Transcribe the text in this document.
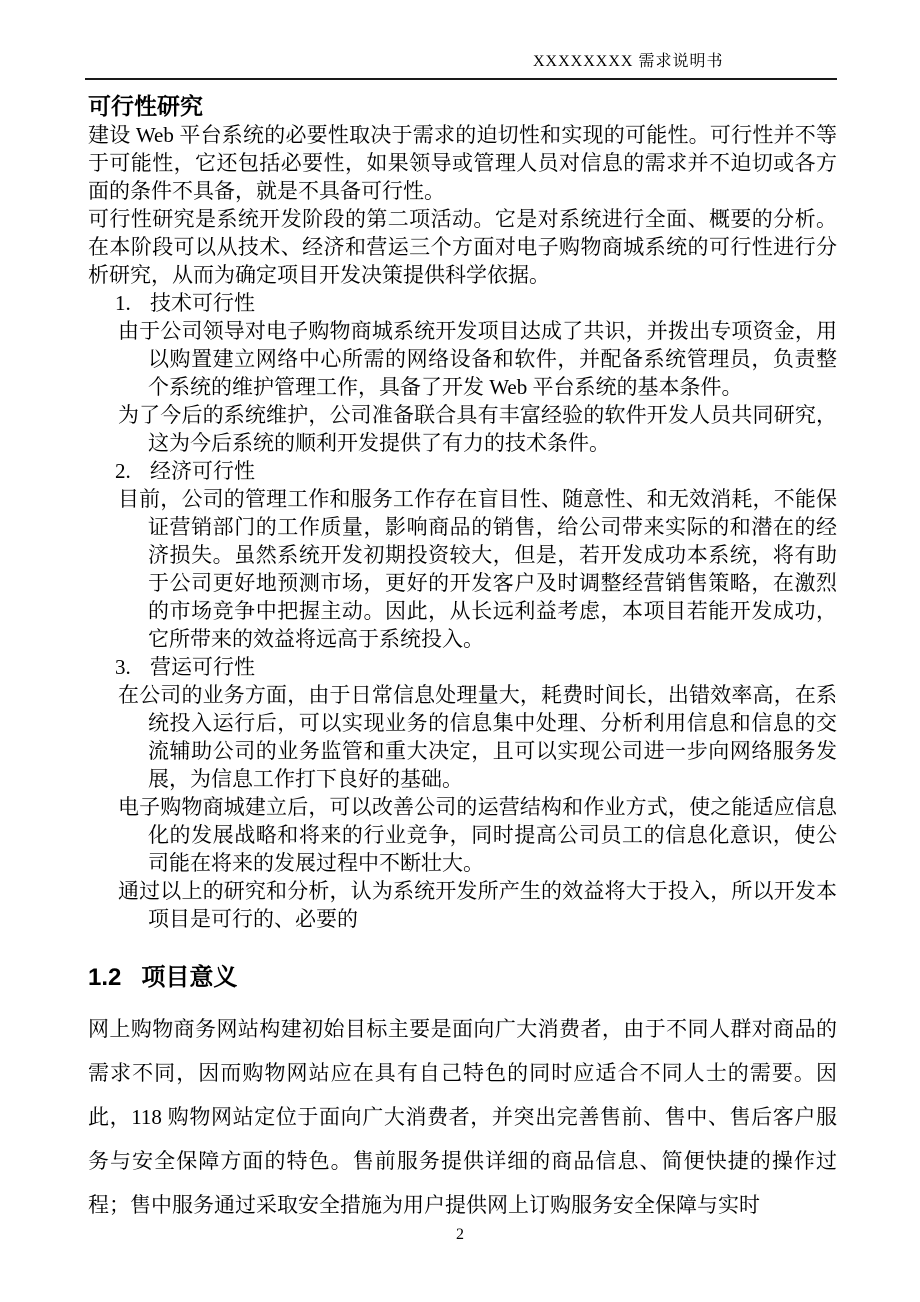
XXXXXXXX 需求说明书
可行性研究

建设 Web 平台系统的必要性取决于需求的迫切性和实现的可能性。可行性并不等于可能性，它还包括必要性，如果领导或管理人员对信息的需求并不迫切或各方面的条件不具备，就是不具备可行性。

可行性研究是系统开发阶段的第二项活动。它是对系统进行全面、概要的分析。在本阶段可以从技术、经济和营运三个方面对电子购物商城系统的可行性进行分析研究，从而为确定项目开发决策提供科学依据。

1. 技术可行性

由于公司领导对电子购物商城系统开发项目达成了共识，并拨出专项资金，用以购置建立网络中心所需的网络设备和软件，并配备系统管理员，负责整个系统的维护管理工作，具备了开发 Web 平台系统的基本条件。

为了今后的系统维护，公司准备联合具有丰富经验的软件开发人员共同研究，这为今后系统的顺利开发提供了有力的技术条件。

2. 经济可行性

目前，公司的管理工作和服务工作存在盲目性、随意性、和无效消耗，不能保证营销部门的工作质量，影响商品的销售，给公司带来实际的和潜在的经济损失。虽然系统开发初期投资较大，但是，若开发成功本系统，将有助于公司更好地预测市场，更好的开发客户及时调整经营销售策略，在激烈的市场竞争中把握主动。因此，从长远利益考虑，本项目若能开发成功，它所带来的效益将远高于系统投入。

3. 营运可行性

在公司的业务方面，由于日常信息处理量大，耗费时间长，出错效率高，在系统投入运行后，可以实现业务的信息集中处理、分析利用信息和信息的交流辅助公司的业务监管和重大决定，且可以实现公司进一步向网络服务发展，为信息工作打下良好的基础。

电子购物商城建立后，可以改善公司的运营结构和作业方式，使之能适应信息化的发展战略和将来的行业竞争，同时提高公司员工的信息化意识，使公司能在将来的发展过程中不断壮大。

通过以上的研究和分析，认为系统开发所产生的效益将大于投入，所以开发本项目是可行的、必要的

1.2 项目意义

网上购物商务网站构建初始目标主要是面向广大消费者，由于不同人群对商品的需求不同，因而购物网站应在具有自己特色的同时应适合不同人士的需要。因此，118 购物网站定位于面向广大消费者，并突出完善售前、售中、售后客户服务与安全保障方面的特色。售前服务提供详细的商品信息、简便快捷的操作过程；售中服务通过采取安全措施为用户提供网上订购服务安全保障与实时

2
